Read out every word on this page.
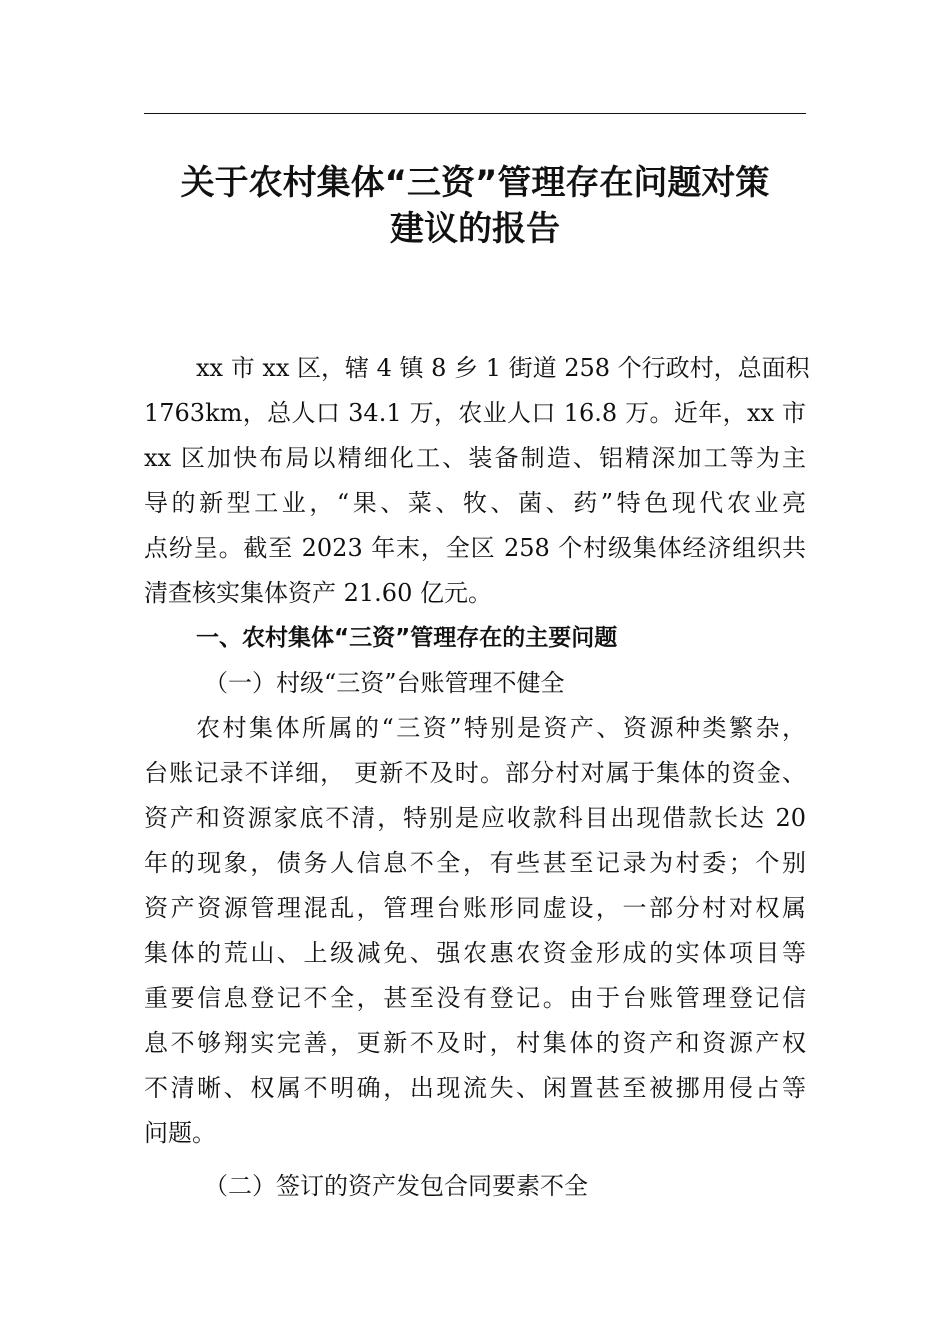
关于农村集体“三资”管理存在问题对策
建议的报告
xx 市 xx 区，辖 4 镇 8 乡 1 街道 258 个行政村，总面积
1763km，总人口 34.1 万，农业人口 16.8 万。近年，xx 市
xx 区加快布局以精细化工、装备制造、铝精深加工等为主
导的新型工业，“果、菜、牧、菌、药”特色现代农业亮
点纷呈。截至 2023 年末，全区 258 个村级集体经济组织共
清查核实集体资产 21.60 亿元。
一、农村集体“三资”管理存在的主要问题
（一）村级“三资”台账管理不健全
农村集体所属的“三资”特别是资产、资源种类繁杂，
台账记录不详细， 更新不及时。部分村对属于集体的资金、
资产和资源家底不清，特别是应收款科目出现借款长达 20
年的现象，债务人信息不全，有些甚至记录为村委；个别
资产资源管理混乱，管理台账形同虚设，一部分村对权属
集体的荒山、上级减免、强农惠农资金形成的实体项目等
重要信息登记不全，甚至没有登记。由于台账管理登记信
息不够翔实完善，更新不及时，村集体的资产和资源产权
不清晰、权属不明确，出现流失、闲置甚至被挪用侵占等
问题。
（二）签订的资产发包合同要素不全
